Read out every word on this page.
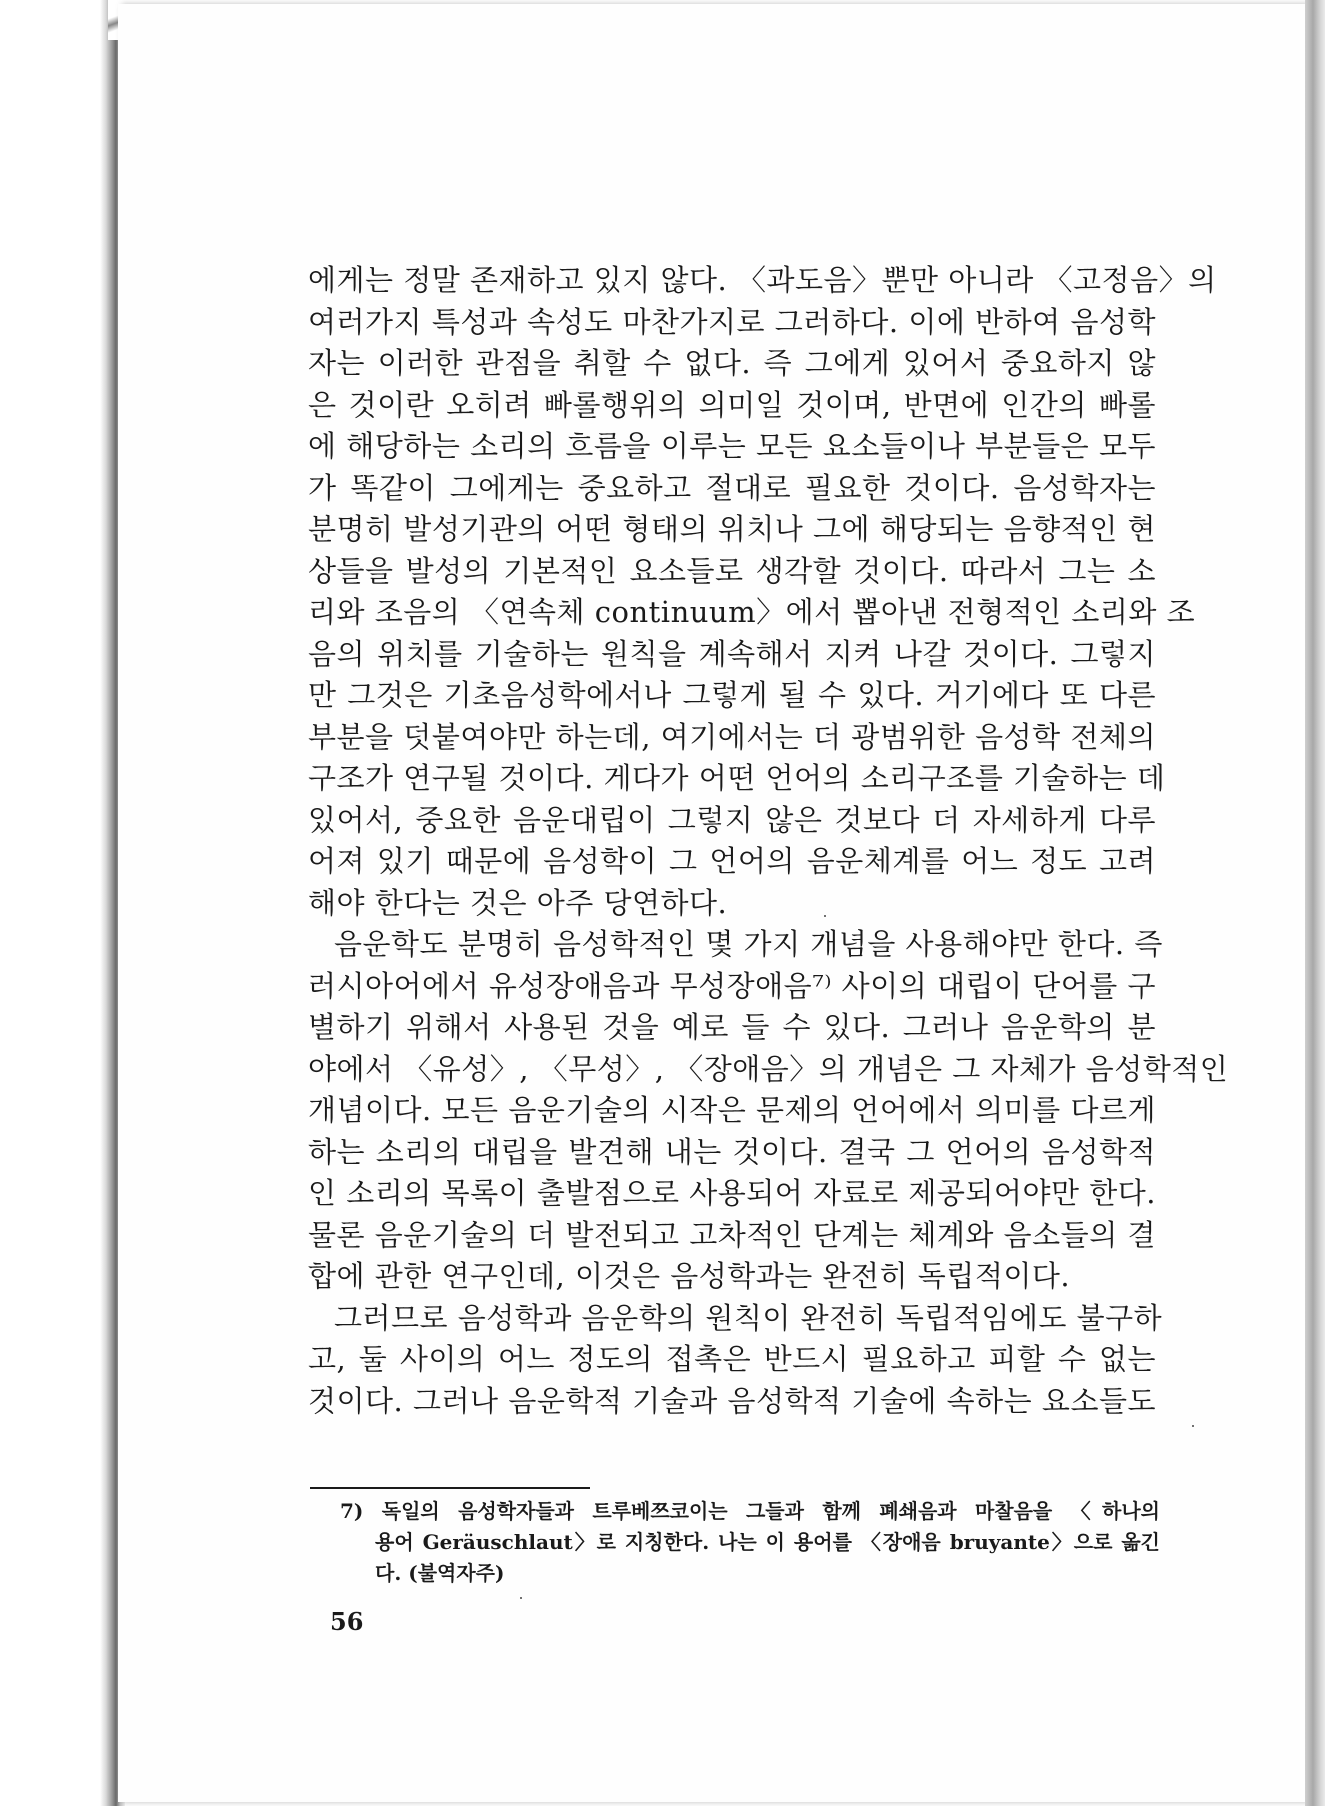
에게는 정말 존재하고 있지 않다. 〈과도음〉뿐만 아니라 〈고정음〉의
여러가지 특성과 속성도 마찬가지로 그러하다. 이에 반하여 음성학
자는 이러한 관점을 취할 수 없다. 즉 그에게 있어서 중요하지 않
은 것이란 오히려 빠롤행위의 의미일 것이며, 반면에 인간의 빠롤
에 해당하는 소리의 흐름을 이루는 모든 요소들이나 부분들은 모두
가 똑같이 그에게는 중요하고 절대로 필요한 것이다. 음성학자는
분명히 발성기관의 어떤 형태의 위치나 그에 해당되는 음향적인 현
상들을 발성의 기본적인 요소들로 생각할 것이다. 따라서 그는 소
리와 조음의 〈연속체 continuum〉에서 뽑아낸 전형적인 소리와 조
음의 위치를 기술하는 원칙을 계속해서 지켜 나갈 것이다. 그렇지
만 그것은 기초음성학에서나 그렇게 될 수 있다. 거기에다 또 다른
부분을 덧붙여야만 하는데, 여기에서는 더 광범위한 음성학 전체의
구조가 연구될 것이다. 게다가 어떤 언어의 소리구조를 기술하는 데
있어서, 중요한 음운대립이 그렇지 않은 것보다 더 자세하게 다루
어져 있기 때문에 음성학이 그 언어의 음운체계를 어느 정도 고려
해야 한다는 것은 아주 당연하다.
음운학도 분명히 음성학적인 몇 가지 개념을 사용해야만 한다. 즉
러시아어에서 유성장애음과 무성장애음⁷⁾ 사이의 대립이 단어를 구
별하기 위해서 사용된 것을 예로 들 수 있다. 그러나 음운학의 분
야에서 〈유성〉, 〈무성〉, 〈장애음〉의 개념은 그 자체가 음성학적인
개념이다. 모든 음운기술의 시작은 문제의 언어에서 의미를 다르게
하는 소리의 대립을 발견해 내는 것이다. 결국 그 언어의 음성학적
인 소리의 목록이 출발점으로 사용되어 자료로 제공되어야만 한다.
물론 음운기술의 더 발전되고 고차적인 단계는 체계와 음소들의 결
합에 관한 연구인데, 이것은 음성학과는 완전히 독립적이다.
그러므로 음성학과 음운학의 원칙이 완전히 독립적임에도 불구하
고, 둘 사이의 어느 정도의 접촉은 반드시 필요하고 피할 수 없는
것이다. 그러나 음운학적 기술과 음성학적 기술에 속하는 요소들도
7) 독일의 음성학자들과 트루베쯔코이는 그들과 함께 폐쇄음과 마찰음을 〈하나의
용어 Geräuschlaut〉로 지칭한다. 나는 이 용어를 〈장애음 bruyante〉으로 옮긴
다. (불역자주)
56
